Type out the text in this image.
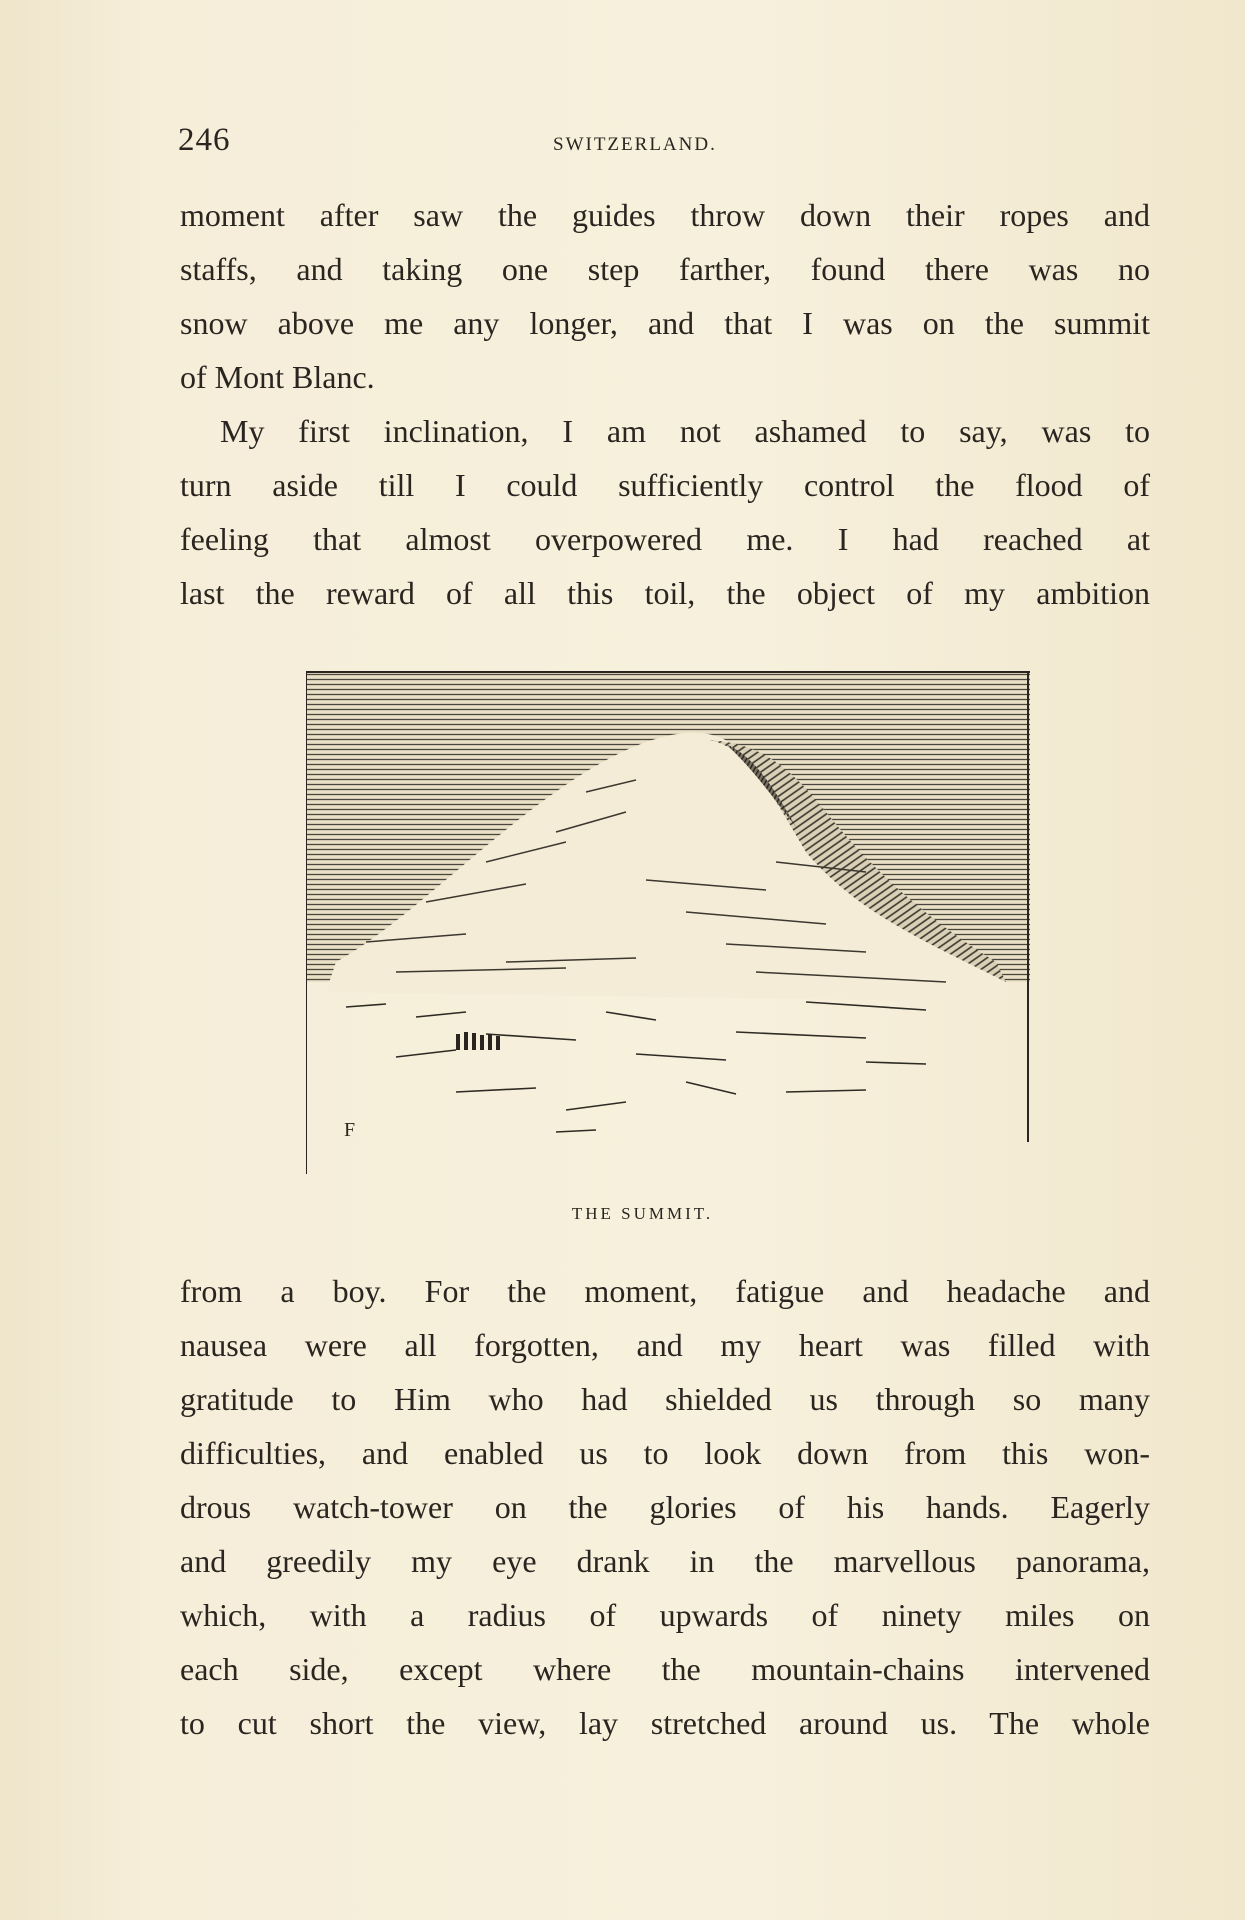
246	SWITZERLAND.
moment after saw the guides throw down their ropes and
staffs, and taking one step farther, found there was no
snow above me any longer, and that I was on the summit
of Mont Blanc.
My first inclination, I am not ashamed to say, was to
turn aside till I could sufficiently control the flood of
feeling that almost overpowered me. I had reached at
last the reward of all this toil, the object of my ambition
F
THE SUMMIT.
from a boy. For the moment, fatigue and headache and
nausea were all forgotten, and my heart was filled with
gratitude to Him who had shielded us through so many
difficulties, and enabled us to look down from this won-
drous watch-tower on the glories of his hands. Eagerly
and greedily my eye drank in the marvellous panorama,
which, with a radius of upwards of ninety miles on
each side, except where the mountain-chains intervened
to cut short the view, lay stretched around us. The whole
